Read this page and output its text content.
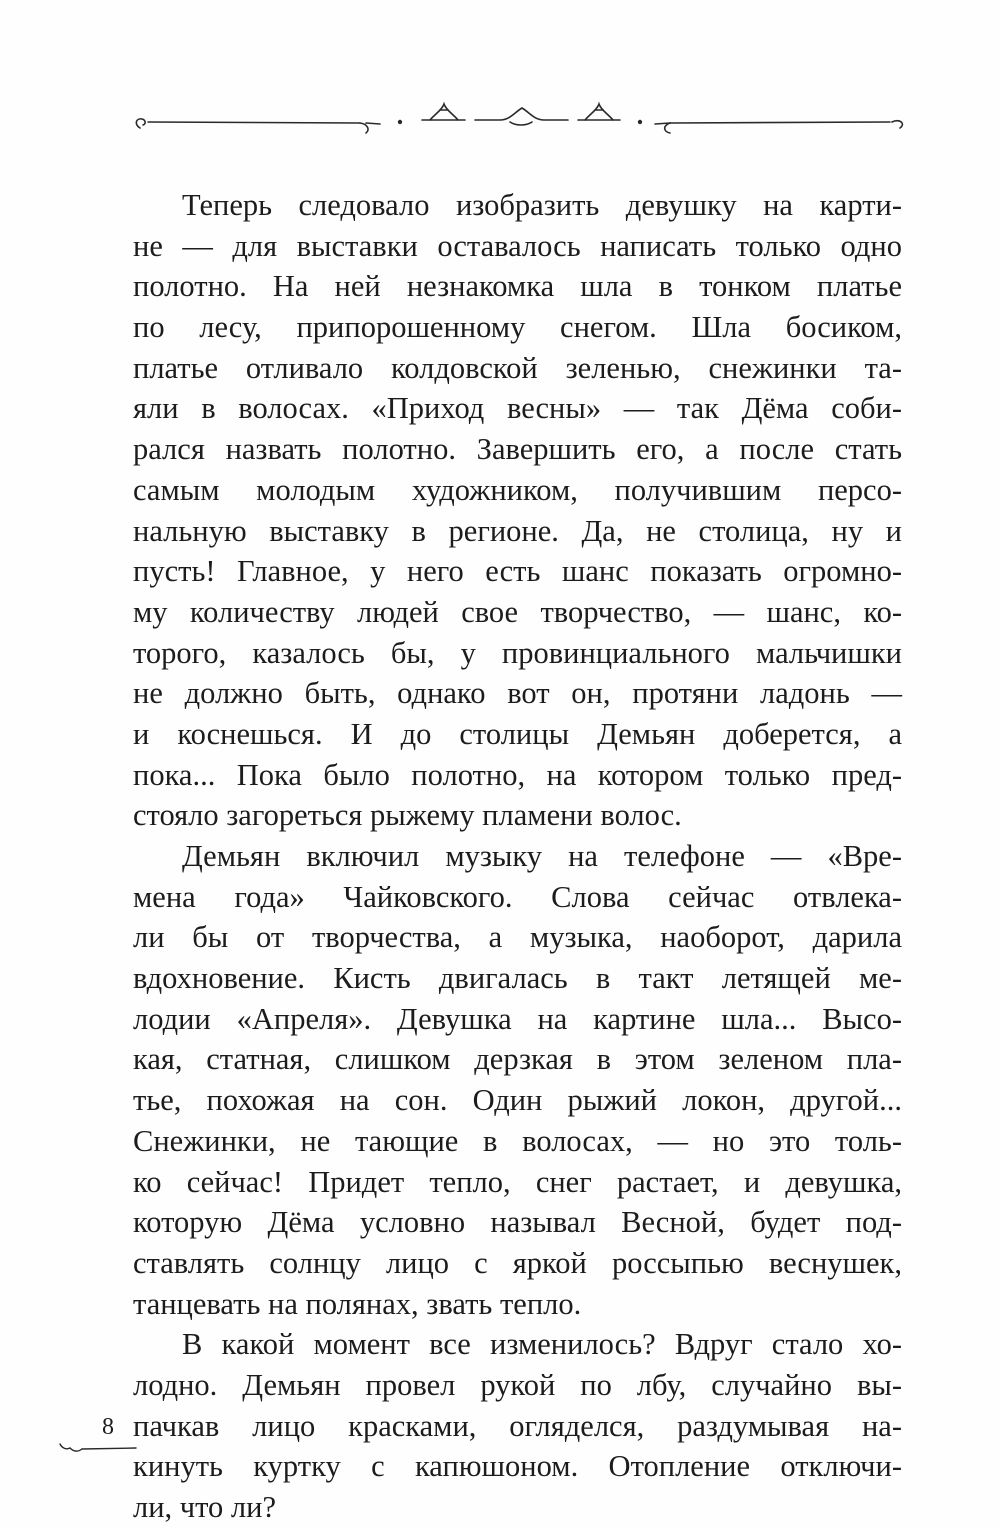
Теперь следовало изобразить девушку на карти-
не — для выставки оставалось написать только одно
полотно. На ней незнакомка шла в тонком платье
по лесу, припорошенному снегом. Шла босиком,
платье отливало колдовской зеленью, снежинки та-
яли в волосах. «Приход весны» — так Дёма соби-
рался назвать полотно. Завершить его, а после стать
самым молодым художником, получившим персо-
нальную выставку в регионе. Да, не столица, ну и
пусть! Главное, у него есть шанс показать огромно-
му количеству людей свое творчество, — шанс, ко-
торого, казалось бы, у провинциального мальчишки
не должно быть, однако вот он, протяни ладонь —
и коснешься. И до столицы Демьян доберется, а
пока... Пока было полотно, на котором только пред-
стояло загореться рыжему пламени волос.
Демьян включил музыку на телефоне — «Вре-
мена года» Чайковского. Слова сейчас отвлека-
ли бы от творчества, а музыка, наоборот, дарила
вдохновение. Кисть двигалась в такт летящей ме-
лодии «Апреля». Девушка на картине шла... Высо-
кая, статная, слишком дерзкая в этом зеленом пла-
тье, похожая на сон. Один рыжий локон, другой...
Снежинки, не тающие в волосах, — но это толь-
ко сейчас! Придет тепло, снег растает, и девушка,
которую Дёма условно называл Весной, будет под-
ставлять солнцу лицо с яркой россыпью веснушек,
танцевать на полянах, звать тепло.
В какой момент все изменилось? Вдруг стало хо-
лодно. Демьян провел рукой по лбу, случайно вы-
пачкав лицо красками, огляделся, раздумывая на-
кинуть куртку с капюшоном. Отопление отключи-
ли, что ли?
8
